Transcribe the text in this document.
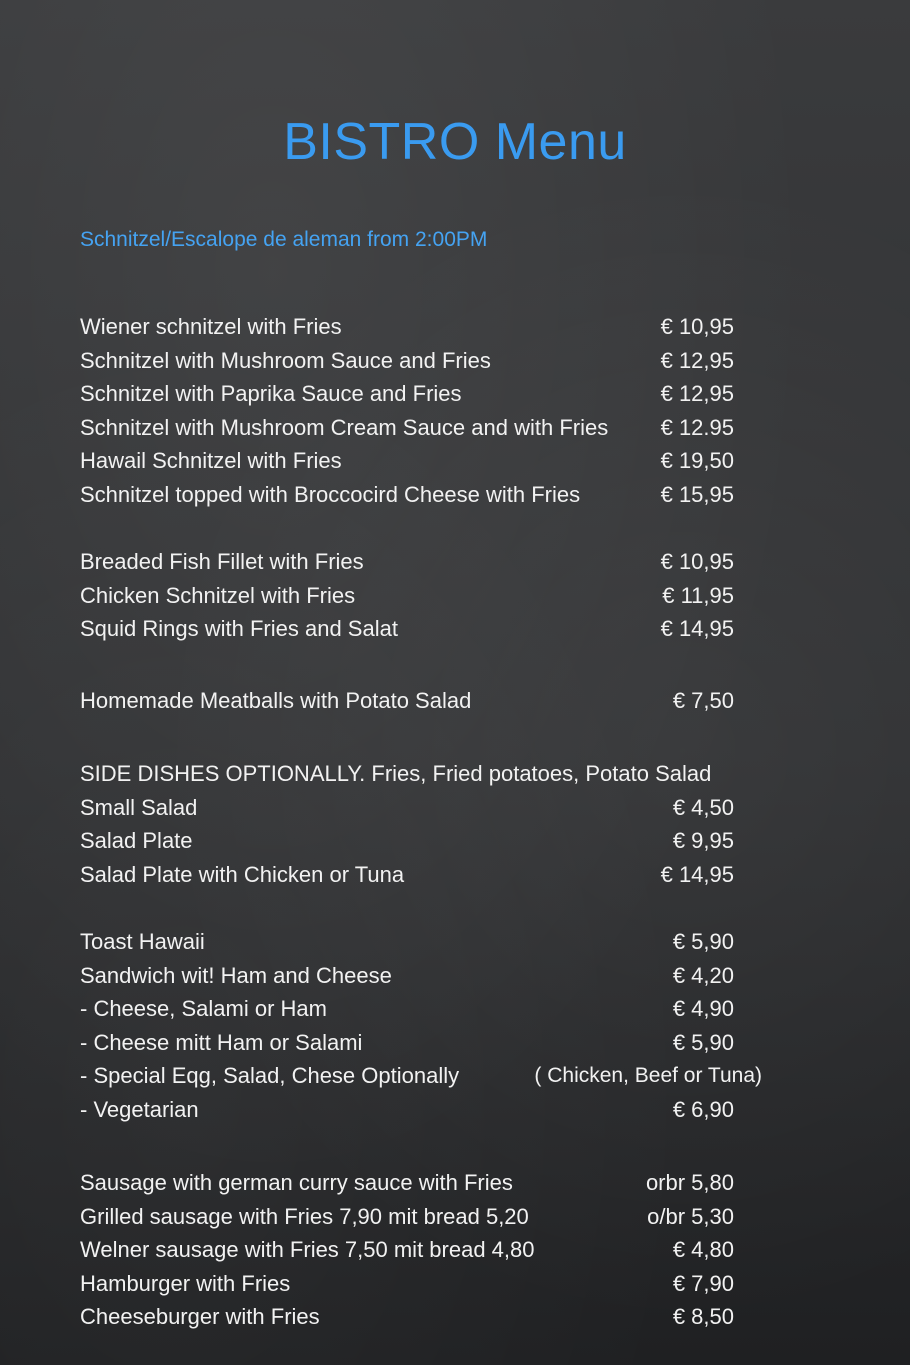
BISTRO Menu
Schnitzel/Escalope de aleman from 2:00PM
Wiener schnitzel with Fries	€ 10,95
Schnitzel with Mushroom Sauce and Fries	€ 12,95
Schnitzel with Paprika Sauce and Fries	€ 12,95
Schnitzel with Mushroom Cream Sauce and with Fries € 12.95
Hawail Schnitzel with Fries	€ 19,50
Schnitzel topped with Broccocird Cheese with Fries	€ 15,95
Breaded Fish Fillet with Fries	€ 10,95
Chicken Schnitzel with Fries	€ 11,95
Squid Rings with Fries and Salat	€ 14,95
Homemade Meatballs with Potato Salad	€ 7,50
SIDE DISHES OPTIONALLY. Fries, Fried potatoes, Potato Salad
Small Salad	€ 4,50
Salad Plate	€ 9,95
Salad Plate with Chicken or Tuna	€ 14,95
Toast Hawaii	€ 5,90
Sandwich wit! Ham and Cheese	€ 4,20
- Cheese, Salami or Ham	€ 4,90
- Cheese mitt Ham or Salami	€ 5,90
- Special Eqg, Salad, Chese Optionally	( Chicken, Beef or Tuna)
- Vegetarian	€ 6,90
Sausage with german curry sauce with Fries	orbr 5,80
Grilled sausage with Fries 7,90 mit bread 5,20	o/br 5,30
Welner sausage with Fries 7,50 mit bread 4,80	€ 4,80
Hamburger with Fries	€ 7,90
Cheeseburger with Fries	€ 8,50
